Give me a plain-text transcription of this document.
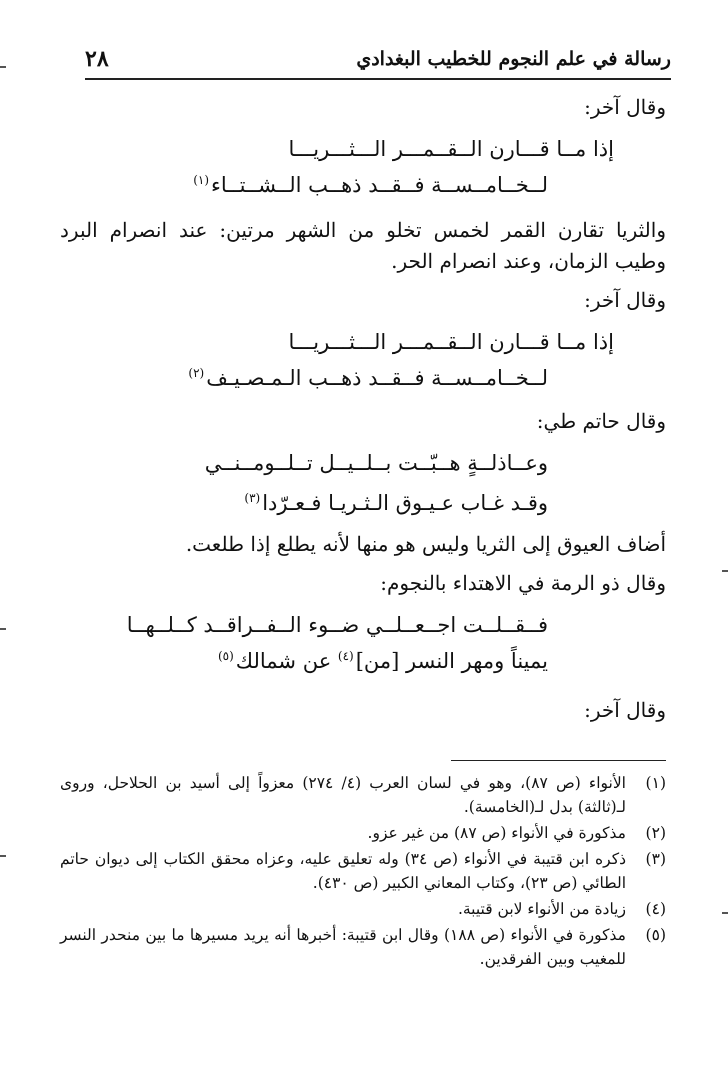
رسالة في علم النجوم للخطيب البغدادي
٢٨

وقال آخر:

إذا مــا قـــارن الــقــمـــر الـــثـــريـــا
لــخــامــســة فــقــد ذهــب الــشــتــاء$^{(١)}$

والثريا تقارن القمر لخمس تخلو من الشهر مرتين: عند انصرام البرد وطيب الزمان، وعند انصرام الحر.

وقال آخر:

إذا مــا قـــارن الــقــمـــر الـــثـــريـــا
لــخــامــســة فــقــد ذهــب الـمـصـيـف$^{(٢)}$

وقال حاتم طي:

وعــاذلــةٍ هــبّــت بــلــيــل تــلــومــنــي
وقـد غـاب عـيـوق الـثـريـا فـعـرّدا$^{(٣)}$

أضاف العيوق إلى الثريا وليس هو منها لأنه يطلع إذا طلعت.

وقال ذو الرمة في الاهتداء بالنجوم:

فــقــلــت اجــعــلــي ضــوء الــفــراقــد كــلــهــا
يميناً ومهر النسر [من]$^{(٤)}$ عن شمالك$^{(٥)}$

وقال آخر:

(١)
الأنواء (ص ٨٧)، وهو في لسان العرب (٤/ ٢٧٤) معزواً إلى أسيد بن الحلاحل، وروى لـ(ثالثة) بدل لـ(الخامسة).
(٢)
مذكورة في الأنواء (ص ٨٧) من غير عزو.
(٣)
ذكره ابن قتيبة في الأنواء (ص ٣٤) وله تعليق عليه، وعزاه محقق الكتاب إلى ديوان حاتم الطائي (ص ٢٣)، وكتاب المعاني الكبير (ص ٤٣٠).
(٤)
زيادة من الأنواء لابن قتيبة.
(٥)
مذكورة في الأنواء (ص ١٨٨) وقال ابن قتيبة: أخبرها أنه يريد مسيرها ما بين منحدر النسر للمغيب وبين الفرقدين.
